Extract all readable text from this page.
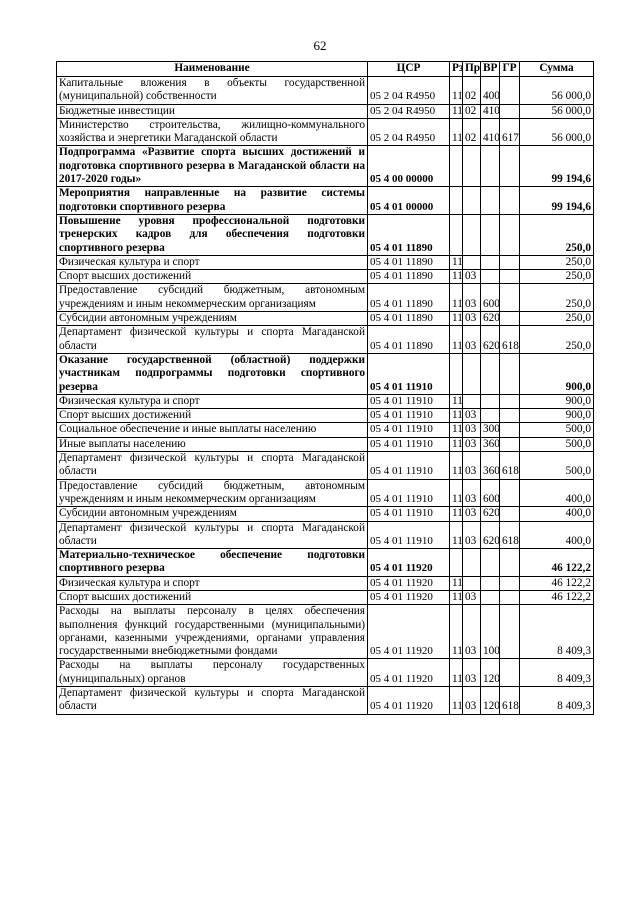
62
Наименование	ЦСР	Рз	Пр	ВР	ГР	Сумма
Капитальные вложения в объекты государственной (муниципальной) собственности	05 2 04 R4950	11	02	400		56 000,0
Бюджетные инвестиции	05 2 04 R4950	11	02	410		56 000,0
Министерство строительства, жилищно-коммунального хозяйства и энергетики Магаданской области	05 2 04 R4950	11	02	410	617	56 000,0
Подпрограмма «Развитие спорта высших достижений и подготовка спортивного резерва в Магаданской области на 2017-2020 годы»	05 4 00 00000					99 194,6
Мероприятия направленные на развитие системы подготовки спортивного резерва	05 4 01 00000					99 194,6
Повышение уровня профессиональной подготовки тренерских кадров для обеспечения подготовки спортивного резерва	05 4 01 11890					250,0
Физическая культура и спорт	05 4 01 11890	11				250,0
Спорт высших достижений	05 4 01 11890	11	03			250,0
Предоставление субсидий бюджетным, автономным учреждениям и иным некоммерческим организациям	05 4 01 11890	11	03	600		250,0
Субсидии автономным учреждениям	05 4 01 11890	11	03	620		250,0
Департамент физической культуры и спорта Магаданской области	05 4 01 11890	11	03	620	618	250,0
Оказание государственной (областной) поддержки участникам подпрограммы подготовки спортивного резерва	05 4 01 11910					900,0
Физическая культура и спорт	05 4 01 11910	11				900,0
Спорт высших достижений	05 4 01 11910	11	03			900,0
Социальное обеспечение и иные выплаты населению	05 4 01 11910	11	03	300		500,0
Иные выплаты населению	05 4 01 11910	11	03	360		500,0
Департамент физической культуры и спорта Магаданской области	05 4 01 11910	11	03	360	618	500,0
Предоставление субсидий бюджетным, автономным учреждениям и иным некоммерческим организациям	05 4 01 11910	11	03	600		400,0
Субсидии автономным учреждениям	05 4 01 11910	11	03	620		400,0
Департамент физической культуры и спорта Магаданской области	05 4 01 11910	11	03	620	618	400,0
Материально-техническое обеспечение подготовки спортивного резерва	05 4 01 11920					46 122,2
Физическая культура и спорт	05 4 01 11920	11				46 122,2
Спорт высших достижений	05 4 01 11920	11	03			46 122,2
Расходы на выплаты персоналу в целях обеспечения выполнения функций государственными (муниципальными) органами, казенными учреждениями, органами управления государственными внебюджетными фондами	05 4 01 11920	11	03	100		8 409,3
Расходы на выплаты персоналу государственных (муниципальных) органов	05 4 01 11920	11	03	120		8 409,3
Департамент физической культуры и спорта Магаданской области	05 4 01 11920	11	03	120	618	8 409,3
